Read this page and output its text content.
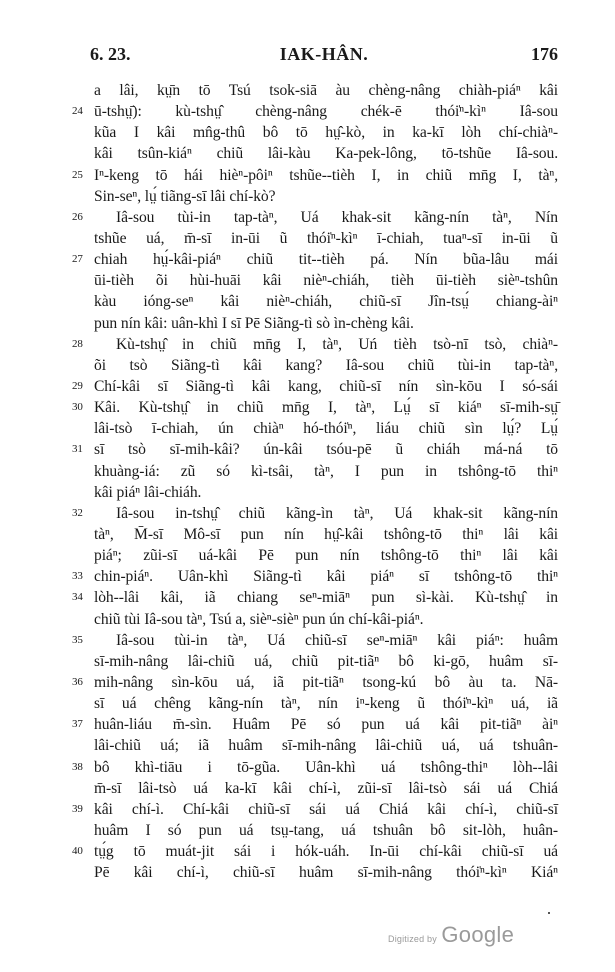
6. 23.	IAK-HÂN.	176
a lâi, kṳ̄n tō Tsú tsok-siā àu chèng-nâng chiàh-piáⁿ kâi
24 ū-tshṳ̄): kù-tshṳ̂ chèng-nâng chék-ē thói̍ⁿ-kìⁿ Iâ-sou
kũa I kâi mn̂g-thû bô tō hṳ̂-kò, in ka-kī lòh chí-chiàⁿ-
kâi tsûn-kiáⁿ chiũ lâi-kàu Ka-pek-lông, tō-tshũe Iâ-sou.
25 Iⁿ-keng tō hái hièⁿ-pôiⁿ tshũe--tièh I, in chiũ mn̄g I, tàⁿ,
Sin-seⁿ, lṳ́ tiãng-sī lâi chí-kò?
26	Iâ-sou tùi-in tap-tàⁿ, Uá khak-sit kãng-nín tàⁿ, Nín
tshũe uá, m̄-sī in-ūi ũ thói̍ⁿ-kìⁿ ī-chiah, tuaⁿ-sī in-ūi ũ
27 chiah hṳ́-kâi-piáⁿ chiũ tit--tièh pá. Nín bũa-lâu mái
ūi-tièh õi hùi-huāi kâi nièⁿ-chiáh, tièh ūi-tièh sièⁿ-tshûn
kàu ióng-seⁿ kâi nièⁿ-chiáh, chiũ-sī Jîn-tsṳ́ chiang-àiⁿ
pun nín kâi: uân-khì I sī Pē Siãng-tì sò ìn-chèng kâi.
28	Kù-tshṳ̂ in chiũ mn̄g I, tàⁿ, Uń tièh tsò-nī tsò, chiàⁿ-
õi tsò Siãng-tì kâi kang? Iâ-sou chiũ tùi-in tap-tàⁿ,
29 Chí-kâi sī Siãng-tì kâi kang, chiũ-sī nín sìn-kōu I só-sái
30 Kâi. Kù-tshṳ̂ in chiũ mn̄g I, tàⁿ, Lṳ́ sī kiáⁿ sī-mih-sṳ̄
lâi-tsò ī-chiah, ún chiàⁿ hó-thói̍ⁿ, liáu chiũ sìn lṳ́? Lṳ́
31 sī tsò sī-mih-kâi? ún-kâi tsóu-pē ũ chiáh má-ná tō
khuàng-iá: zũ só kì-tsâi, tàⁿ, I pun in tshông-tō thiⁿ
kâi piáⁿ lâi-chiáh.
32	Iâ-sou in-tshṳ̂ chiũ kãng-ìn tàⁿ, Uá khak-sit kãng-nín
tàⁿ, M̄-sī Mô-sī pun nín hṳ̂-kâi tshông-tō thiⁿ lâi kâi
piáⁿ; zũi-sī uá-kâi Pē pun nín tshông-tō thiⁿ lâi kâi
33 chin-piáⁿ. Uân-khì Siãng-tì kâi piáⁿ sī tshông-tō thiⁿ
34 lòh--lâi kâi, iã chiang seⁿ-miāⁿ pun sì-kài. Kù-tshṳ̂ in
chiũ tùi Iâ-sou tàⁿ, Tsú a, sièⁿ-sièⁿ pun ún chí-kâi-piáⁿ.
35	Iâ-sou tùi-in tàⁿ, Uá chiũ-sī seⁿ-miāⁿ kâi piáⁿ: huâm
sī-mih-nâng lâi-chiũ uá, chiũ pit-tiãⁿ bô ki-gō, huâm sī-
36 mih-nâng sìn-kōu uá, iã pit-tiãⁿ tsong-kú bô àu ta. Nā-
sī uá chêng kãng-nín tàⁿ, nín iⁿ-keng ũ thói̍ⁿ-kìⁿ uá, iã
37 huân-liáu m̄-sìn. Huâm Pē só pun uá kâi pit-tiãⁿ àiⁿ
lâi-chiũ uá; iã huâm sī-mih-nâng lâi-chiũ uá, uá tshuân-
38 bô khì-tiāu i tō-gũa. Uân-khì uá tshông-thiⁿ lòh--lâi
m̄-sī lâi-tsò uá ka-kī kâi chí-ì, zũi-sī lâi-tsò sái uá Chiá
39 kâi chí-ì. Chí-kâi chiũ-sī sái uá Chiá kâi chí-ì, chiũ-sī
huâm I só pun uá tsṳ-tang, uá tshuân bô sit-lòh, huân-
40 tṳ́g tō muát-jit sái i hók-uáh. In-ūi chí-kâi chiũ-sī uá
Pē kâi chí-ì, chiũ-sī huâm sī-mih-nâng thói̍ⁿ-kìⁿ Kiáⁿ
Digitized by Google
